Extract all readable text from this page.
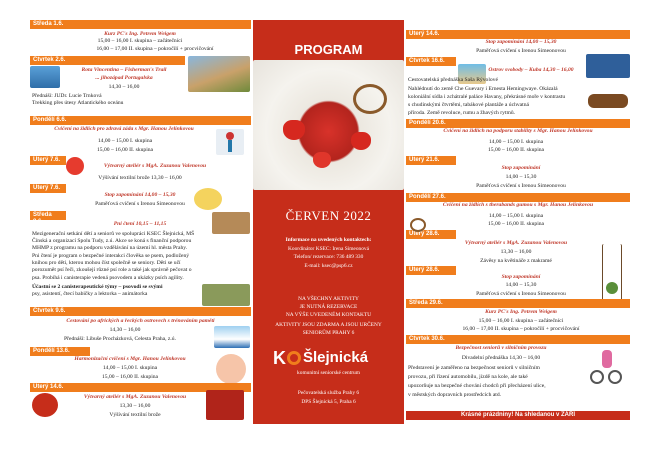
Středa 1.6.
Kurz PC's Ing. Petrem Weigem
15,00 – 16,00 I. skupina – začátečníci
16,00 – 17,00 II. skupina – pokročilí + procvičování
Čtvrtek 2.6.
Rota Vincentina – Fisherman's Trail
... jihozápad Portugalska
14,30 – 16,00
Přednáší: JUDr. Lucie Trnková
Trekking přes útesy Atlantického oceánu
Pondělí 6.6.
Cvičení na židlích pro zdravá záda s Mgr. Hanou Jelínkovou
14,00 – 15,00 I. skupina
15,00 – 16,00 II. skupina
Úterý 7.6.
Výtvarný ateliér s MgA. Zuzanou Valenovou
Výšívání textilní brože 13,30 – 16,00
Úterý 7.6.
Stop zapomínání 14,00 – 15,30
Paměťová cvičení s Irenou Simeonovou
Středa 8.6.	Pni čtení 10,15 – 11,15
Mezigenerační setkání dětí a seniorů ve spolupráci KSEC Šlejnická, MŠ
Čínská a organizací Spolu Tudy, z.ú. Akce se koná s finanční podporou
MHMP z programu na podporu vzdělávání na území hl. města Prahy.
Pni čtení je program o bezpečné interakci člověka se psem, podložený
knihou pro děti, kterou mohou číst společně se seniory. Děti se učí
porozumět psí řeči, zkoušejí různé psí role a také jak správně pečovat o
psa. Probíhá i canisterapie vedená psovodem a ukázky psích agility.
Účastní se 2 canisterapeutické týmy – psovodi se svými
psy, asistentí, čtecí babičky a lektorka – animátorka
Čtvrtek 9.6.
Cestování po afrických a řeckých ostrovech s trénováním paměti
14,30 – 16,00
Přednáší: Libuše Procházková, Celesta Praha, z.ú.
Pondělí 13.6.
Harmonizační cvičení s Mgr. Hanou Jelínkovou
14,00 – 15,00 I. skupina
15,00 – 16,00 II. skupina
Úterý 14.6.
Výtvarný ateliér s MgA. Zuzanou Valenovou
13,30 – 16,00
Výšívání textilní brože
PROGRAM
ČERVEN 2022
Informace na uvedených kontaktech:
Koordinátor KSEC: Irena Simeonová
Telefon/ rezervace: 736 489 330
E-mail: ksec@psp6.cz
NA VŠECHNY AKTIVITY
JE NUTNÁ REZERVACE
NA VÝŠE UVEDENÉM KONTAKTU
AKTIVITY JSOU ZDARMA A JSOU URČENY
SENIORŮM PRAHY 6
K Šlejnická
komunitní seniorské centrum
Pečovatelská služba Prahy 6
DPS Šlejnická 5, Praha 6
Úterý 14.6.
Stop zapomínání 14,00 – 15,30
Paměťová cvičení s Irenou Simeonovou
Čtvrtek 16.6.
Ostrov svobody – Kuba 14,30 – 16,00
Cestovatelská přednáška Saša Rývolové
Nahlédnutí do země Che Guevary i Ernesta Hemingwaye. Okázalá
koloniální sídla i zchátralé paláce Havany, překrásné moře v kontrastu
s chudinskými čtvrtěmi, tabákové plantáže a úchvatná
příroda. Země revoluce, rumu a žhavých rytmů.
Pondělí 20.6.
Cvičení na židlích na podporu stability s Mgr. Hanou Jelínkovou
14,00 – 15,00 I. skupina
15,00 – 16,00 II. skupina
Úterý 21.6.
Stop zapomínání
14,00 – 15,30
Paměťová cvičení s Irenou Simeonovou
Pondělí 27.6.
Cvičení na židlích s therabands gumou s Mgr. Hanou Jelínkovou
14,00 – 15,00 I. skupina
15,00 – 16,00 II. skupina
Úterý 28.6.
Výtvarný ateliér s MgA. Zuzanou Valenovou
13,30 – 16,00
Závěsy na květináče z makramé
Úterý 28.6.
Stop zapomínání
14,00 – 15,30
Paměťová cvičení s Irenou Simeonovou
Středa 29.6.
Kurz PC's Ing. Petrem Weigem
15,00 – 16,00 I. skupina – začátečníci
16,00 – 17,00 II. skupina – pokročilí + procvičování
Čtvrtek 30.6.
Bezpečnost seniorů v silničním provozu
Divadelní přednáška 14,30 – 16,00
Představení je zaměřeno na bezpečnost seniorů v silničním
provozu, při řízení automobilu, jízdě na kole, ale také
upozorňuje na bezpečné chování chodců při přecházení ulice,
v městských dopravních prostředcích atd.
Krásné prázdniny! Na shledanou v ZÁŘÍ
